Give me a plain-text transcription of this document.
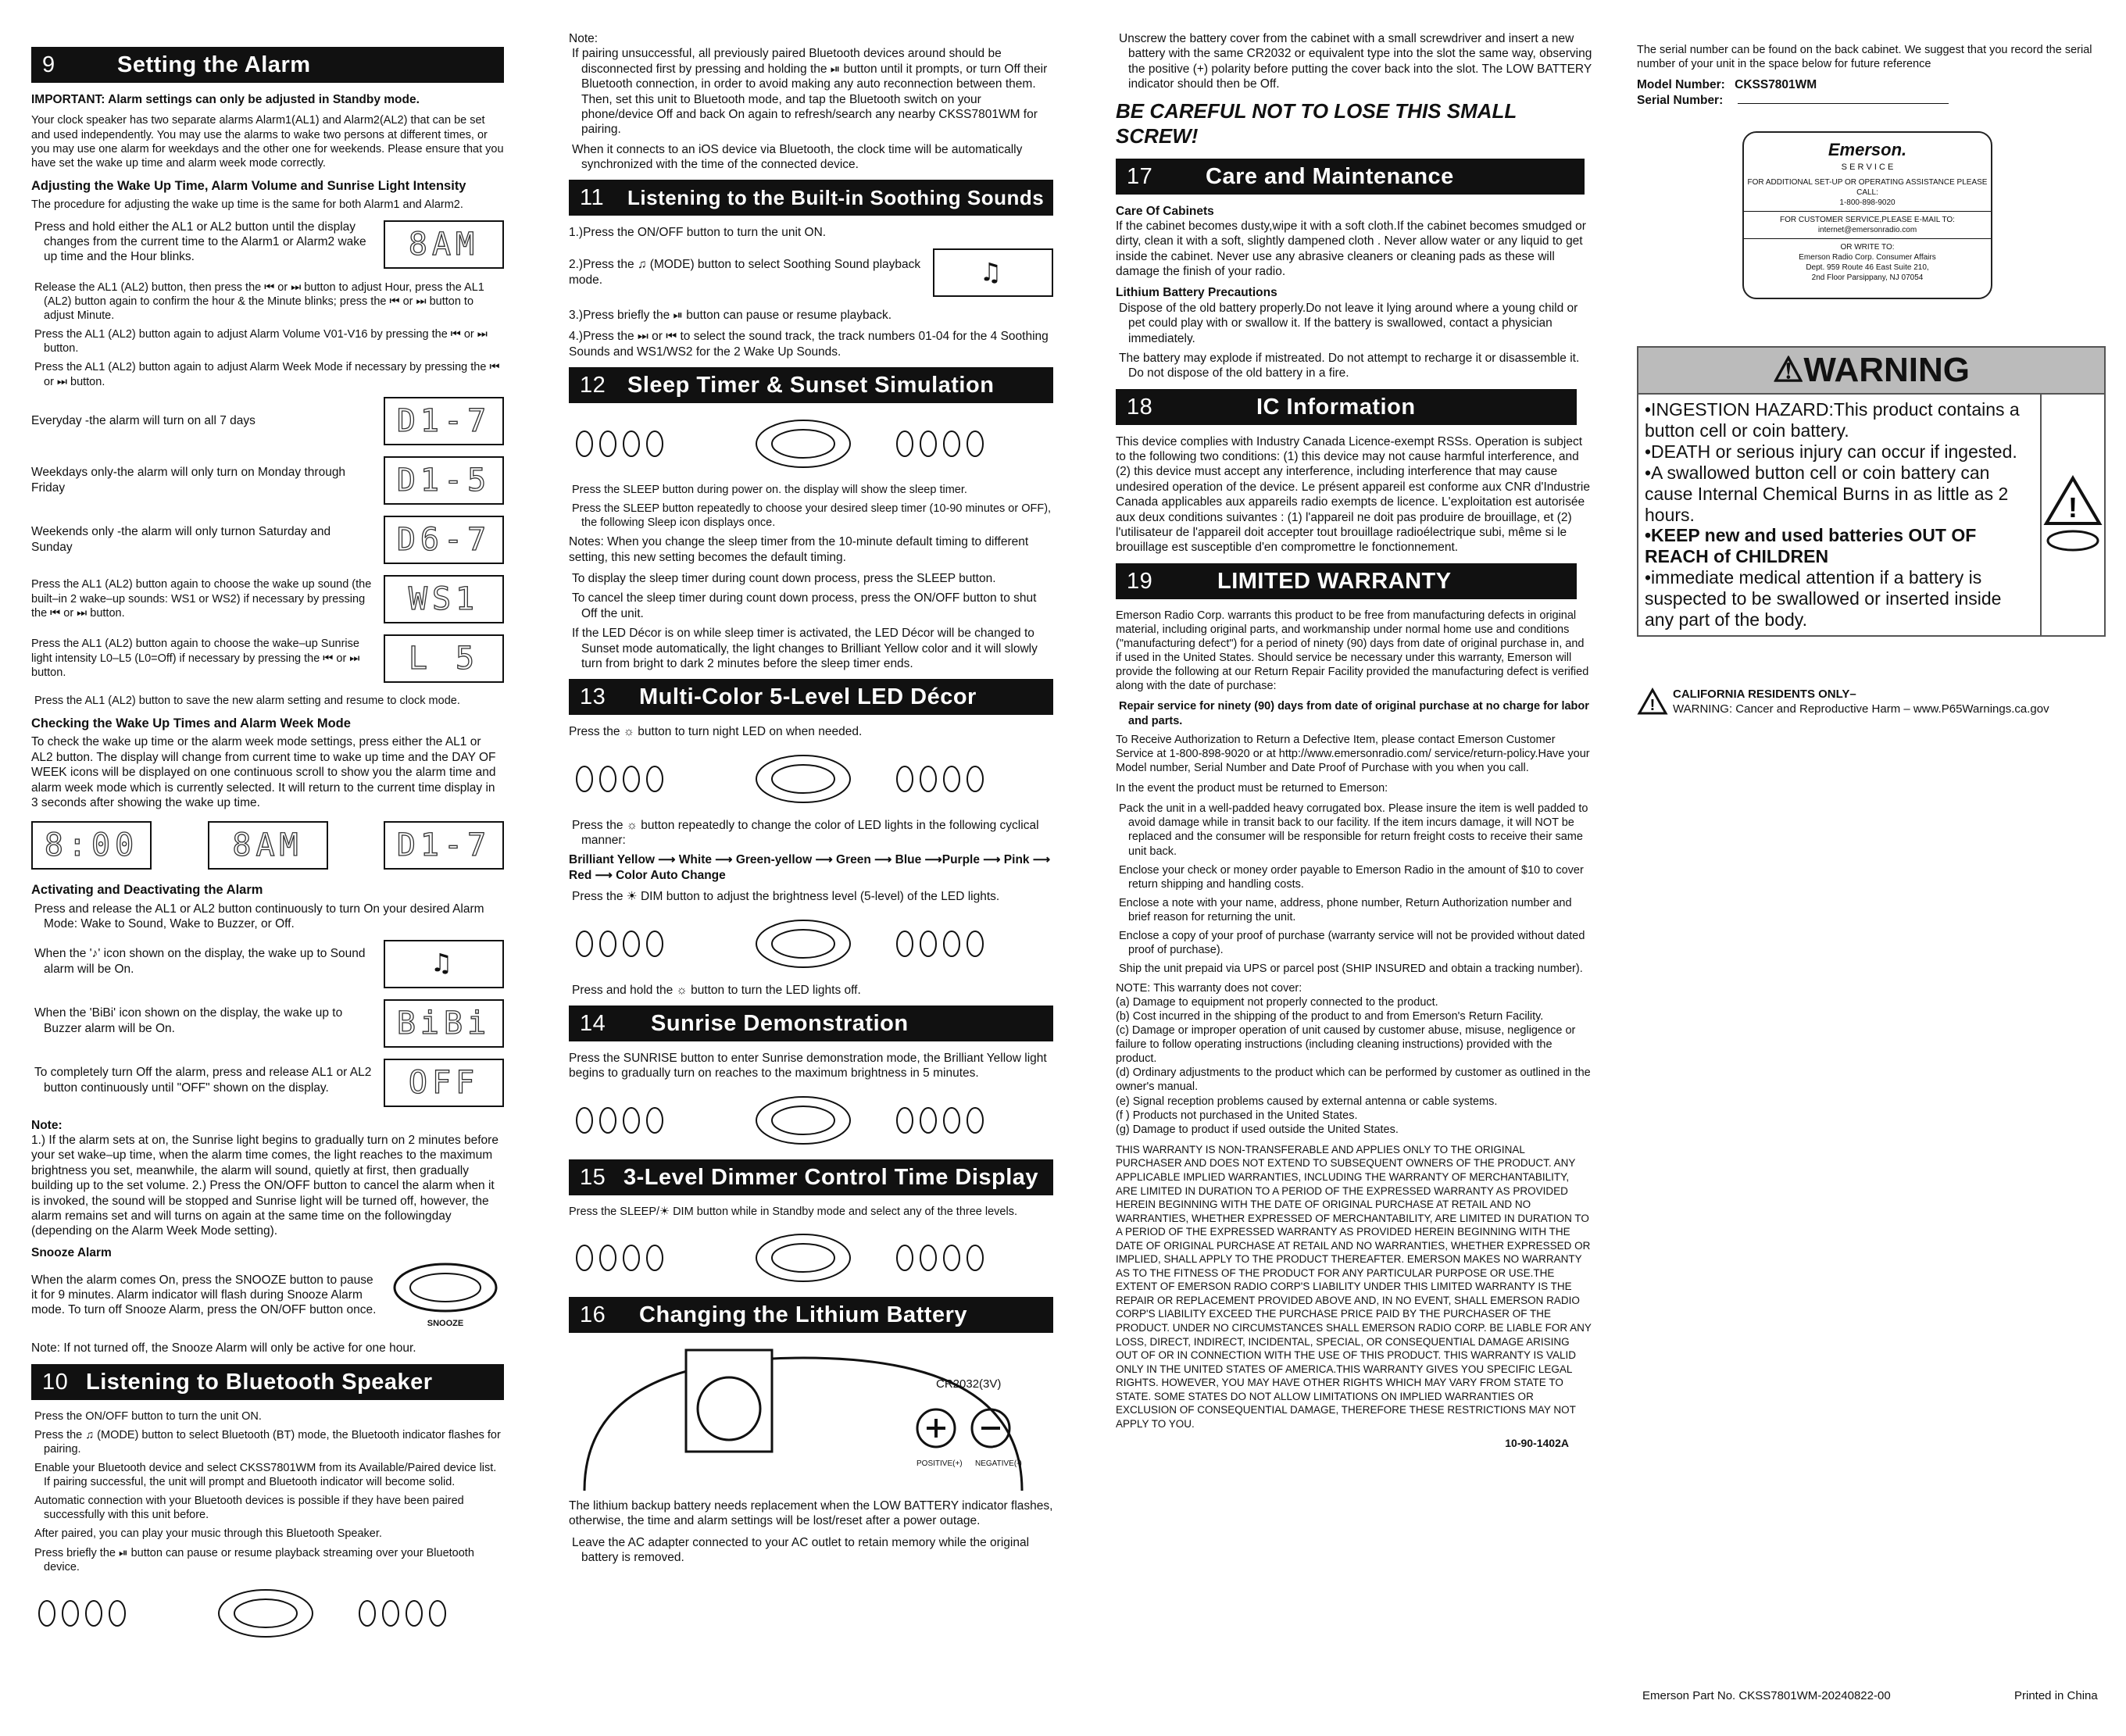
9	Setting the Alarm

IMPORTANT: Alarm settings can only be adjusted in Standby mode.

Your clock speaker has two separate alarms Alarm1(AL1) and Alarm2(AL2) that can be set and used independently. You may use the alarms to wake two persons at different times, or you may use one alarm for weekdays and the other one for weekends. Please ensure that you have set the wake up time and alarm week mode correctly.

Adjusting the Wake Up Time, Alarm Volume and Sunrise Light Intensity

The procedure for adjusting the wake up time is the same for both Alarm1 and Alarm2.

Press and hold either the AL1 or AL2 button until the display changes from the current time to the Alarm1 or Alarm2 wake up time and the Hour blinks.	8AM

Release the AL1 (AL2) button, then press the ⏮ or ⏭ button to adjust Hour, press the AL1 (AL2) button again to confirm the hour & the Minute blinks; press the ⏮ or ⏭ button to adjust Minute.

Press the AL1 (AL2) button again to adjust Alarm Volume V01-V16 by pressing the ⏮ or ⏭ button.

Press the AL1 (AL2) button again to adjust Alarm Week Mode if necessary by pressing the ⏮ or ⏭ button.

Everyday -the alarm will turn on all 7 days	D1-7
Weekdays only-the alarm will only turn on Monday through Friday	D1-5
Weekends only -the alarm will only turnon Saturday and Sunday	D6-7
Press the AL1 (AL2) button again to choose the wake up sound (the built–in 2 wake–up sounds: WS1 or WS2) if necessary by pressing the ⏮ or ⏭ button.	WS1
Press the AL1 (AL2) button again to choose the wake–up Sunrise light intensity L0–L5 (L0=Off) if necessary by pressing the ⏮ or ⏭ button.	L 5

Press the AL1 (AL2) button to save the new alarm setting and resume to clock mode.

Checking the Wake Up Times and Alarm Week Mode

To check the wake up time or the alarm week mode settings, press either the AL1 or AL2 button. The display will change from current time to wake up time and the DAY OF WEEK icons will be displayed on one continuous scroll to show you the alarm time and alarm week mode which is currently selected. It will return to the current time display in 3 seconds after showing the wake up time.

8:00	8AM	D1-7
Activating and Deactivating the Alarm

Press and release the AL1 or AL2 button continuously to turn On your desired Alarm Mode: Wake to Sound, Wake to Buzzer, or Off.

When the '♪' icon shown on the display, the wake up to Sound alarm will be On.	♫
When the 'BiBi' icon shown on the display, the wake up to Buzzer alarm will be On.	BiBi
To completely turn Off the alarm, press and release AL1 or AL2 button continuously until "OFF" shown on the display.	OFF
Note:

1.) If the alarm sets at on, the Sunrise light begins to gradually turn on 2 minutes before your set wake–up time, when the alarm time comes, the light reaches to the maximum brightness you set, meanwhile, the alarm will sound, quietly at first, then gradually building up to the set volume. 2.) Press the ON/OFF button to cancel the alarm when it is invoked, the sound will be stopped and Sunrise light will be turned off, however, the alarm remains set and will turns on again at the same time on the followingday (depending on the Alarm Week Mode setting).

Snooze Alarm
When the alarm comes On, press the SNOOZE button to pause it for 9 minutes. Alarm indicator will flash during Snooze Alarm mode. To turn off Snooze Alarm, press the ON/OFF button once.
SNOOZE

Note: If not turned off, the Snooze Alarm will only be active for one hour.

10 Listening to Bluetooth Speaker

Press the ON/OFF button to turn the unit ON.

Press the ♫ (MODE) button to select Bluetooth (BT) mode, the Bluetooth indicator flashes for pairing.

Enable your Bluetooth device and select CKSS7801WM from its Available/Paired device list. If pairing successful, the unit will prompt and Bluetooth indicator will become solid.

Automatic connection with your Bluetooth devices is possible if they have been paired successfully with this unit before.

After paired, you can play your music through this Bluetooth Speaker.

Press briefly the ⏯ button can pause or resume playback streaming over your Bluetooth device.

Note:

If pairing unsuccessful, all previously paired Bluetooth devices around should be disconnected first by pressing and holding the ⏯ button until it prompts, or turn Off their Bluetooth connection, in order to avoid making any auto reconnection between them. Then, set this unit to Bluetooth mode, and tap the Bluetooth switch on your phone/device Off and back On again to refresh/search any nearby CKSS7801WM for pairing.

When it connects to an iOS device via Bluetooth, the clock time will be automatically synchronized with the time of the connected device.

11 Listening to the Built-in Soothing Sounds

1.)Press the ON/OFF button to turn the unit ON.

2.)Press the ♫ (MODE) button to select Soothing Sound playback mode.	♫

3.)Press briefly the ⏯ button can pause or resume playback.

4.)Press the ⏭ or ⏮ to select the sound track, the track numbers 01-04 for the 4 Soothing Sounds and WS1/WS2 for the 2 Wake Up Sounds.

12 Sleep Timer & Sunset Simulation

Press the SLEEP button during power on. the display will show the sleep timer.

Press the SLEEP button repeatedly to choose your desired sleep timer (10-90 minutes or OFF), the following Sleep icon displays once.

Notes: When you change the sleep timer from the 10-minute default timing to different setting, this new setting becomes the default timing.

To display the sleep timer during count down process, press the SLEEP button.

To cancel the sleep timer during count down process, press the ON/OFF button to shut Off the unit.

If the LED Décor is on while sleep timer is activated, the LED Décor will be changed to Sunset mode automatically, the light changes to Brilliant Yellow color and it will slowly turn from bright to dark 2 minutes before the sleep timer ends.

13 Multi-Color 5-Level LED Décor

Press the ☼ button to turn night LED on when needed.

Press the ☼ button repeatedly to change the color of LED lights in the following cyclical manner:

Brilliant Yellow ⟶ White ⟶ Green-yellow ⟶ Green ⟶ Blue ⟶Purple ⟶ Pink ⟶ Red ⟶ Color Auto Change

Press the ☀ DIM button to adjust the brightness level (5-level) of the LED lights.

Press and hold the ☼ button to turn the LED lights off.

14 Sunrise Demonstration

Press the SUNRISE button to enter Sunrise demonstration mode, the Brilliant Yellow light begins to gradually turn on reaches to the maximum brightness in 5 minutes.

15 3-Level Dimmer Control Time Display

Press the SLEEP/☀ DIM button while in Standby mode and select any of the three levels.

16 Changing the Lithium Battery
CR2032(3V)
POSITIVE(+) NEGATIVE(-)

The lithium backup battery needs replacement when the LOW BATTERY indicator flashes, otherwise, the time and alarm settings will be lost/reset after a power outage.

Leave the AC adapter connected to your AC outlet to retain memory while the original battery is removed.

Unscrew the battery cover from the cabinet with a small screwdriver and insert a new battery with the same CR2032 or equivalent type into the slot the same way, observing the positive (+) polarity before putting the cover back into the slot. The LOW BATTERY indicator should then be Off.

BE CAREFUL NOT TO LOSE THIS SMALL SCREW!
17 Care and Maintenance
Care Of Cabinets

If the cabinet becomes dusty,wipe it with a soft cloth.If the cabinet becomes smudged or dirty, clean it with a soft, slightly dampened cloth . Never allow water or any liquid to get inside the cabinet. Never use any abrasive cleaners or cleaning pads as these will damage the finish of your radio.

Lithium Battery Precautions

Dispose of the old battery properly.Do not leave it lying around where a young child or pet could play with or swallow it. If the battery is swallowed, contact a physician immediately.

The battery may explode if mistreated. Do not attempt to recharge it or disassemble it. Do not dispose of the old battery in a fire.

18	IC Information

This device complies with Industry Canada Licence-exempt RSSs. Operation is subject to the following two conditions: (1) this device may not cause harmful interference, and (2) this device must accept any interference, including interference that may cause undesired operation of the device. Le présent appareil est conforme aux CNR d'Industrie Canada applicables aux appareils radio exempts de licence. L'exploitation est autorisée aux deux conditions suivantes : (1) l'appareil ne doit pas produire de brouillage, et (2) l'utilisateur de l'appareil doit accepter tout brouillage radioélectrique subi, même si le brouillage est susceptible d'en compromettre le fonctionnement.

19	LIMITED WARRANTY

Emerson Radio Corp. warrants this product to be free from manufacturing defects in original material, including original parts, and workmanship under normal home use and conditions ("manufacturing defect") for a period of ninety (90) days from date of original purchase in, and if used in the United States. Should service be necessary under this warranty, Emerson will provide the following at our Return Repair Facility provided the manufacturing defect is verified along with the date of purchase:

Repair service for ninety (90) days from date of original purchase at no charge for labor and parts.

To Receive Authorization to Return a Defective Item, please contact Emerson Customer Service at 1-800-898-9020 or at http://www.emersonradio.com/ service/return-policy.Have your Model number, Serial Number and Date Proof of Purchase with you when you call.

In the event the product must be returned to Emerson:

Pack the unit in a well-padded heavy corrugated box. Please insure the item is well padded to avoid damage while in transit back to our facility. If the item incurs damage, it will NOT be replaced and the consumer will be responsible for return freight costs to receive their same unit back.

Enclose your check or money order payable to Emerson Radio in the amount of $10 to cover return shipping and handling costs.

Enclose a note with your name, address, phone number, Return Authorization number and brief reason for returning the unit.

Enclose a copy of your proof of purchase (warranty service will not be provided without dated proof of purchase).

Ship the unit prepaid via UPS or parcel post (SHIP INSURED and obtain a tracking number).

NOTE: This warranty does not cover:
(a) Damage to equipment not properly connected to the product.
(b) Cost incurred in the shipping of the product to and from Emerson's Return Facility.
(c) Damage or improper operation of unit caused by customer abuse, misuse, negligence or failure to follow operating instructions (including cleaning instructions) provided with the product.
(d) Ordinary adjustments to the product which can be performed by customer as outlined in the owner's manual.
(e) Signal reception problems caused by external antenna or cable systems.
(f ) Products not purchased in the United States.
(g) Damage to product if used outside the United States.

THIS WARRANTY IS NON-TRANSFERABLE AND APPLIES ONLY TO THE ORIGINAL PURCHASER AND DOES NOT EXTEND TO SUBSEQUENT OWNERS OF THE PRODUCT. ANY APPLICABLE IMPLIED WARRANTIES, INCLUDING THE WARRANTY OF MERCHANTABILITY, ARE LIMITED IN DURATION TO A PERIOD OF THE EXPRESSED WARRANTY AS PROVIDED HEREIN BEGINNING WITH THE DATE OF ORIGINAL PURCHASE AT RETAIL AND NO WARRANTIES, WHETHER EXPRESSED OF MERCHANTABILITY, ARE LIMITED IN DURATION TO A PERIOD OF THE EXPRESSED WARRANTY AS PROVIDED HEREIN BEGINNING WITH THE DATE OF ORIGINAL PURCHASE AT RETAIL AND NO WARRANTIES, WHETHER EXPRESSED OR IMPLIED, SHALL APPLY TO THE PRODUCT THEREAFTER. EMERSON MAKES NO WARRANTY AS TO THE FITNESS OF THE PRODUCT FOR ANY PARTICULAR PURPOSE OR USE.THE EXTENT OF EMERSON RADIO CORP'S LIABILITY UNDER THIS LIMITED WARRANTY IS THE REPAIR OR REPLACEMENT PROVIDED ABOVE AND, IN NO EVENT, SHALL EMERSON RADIO CORP'S LIABILITY EXCEED THE PURCHASE PRICE PAID BY THE PURCHASER OF THE PRODUCT. UNDER NO CIRCUMSTANCES SHALL EMERSON RADIO CORP. BE LIABLE FOR ANY LOSS, DIRECT, INDIRECT, INCIDENTAL, SPECIAL, OR CONSEQUENTIAL DAMAGE ARISING OUT OF OR IN CONNECTION WITH THE USE OF THIS PRODUCT. THIS WARRANTY IS VALID ONLY IN THE UNITED STATES OF AMERICA.THIS WARRANTY GIVES YOU SPECIFIC LEGAL RIGHTS. HOWEVER, YOU MAY HAVE OTHER RIGHTS WHICH MAY VARY FROM STATE TO STATE. SOME STATES DO NOT ALLOW LIMITATIONS ON IMPLIED WARRANTIES OR EXCLUSION OF CONSEQUENTIAL DAMAGE, THEREFORE THESE RESTRICTIONS MAY NOT APPLY TO YOU.

10-90-1402A

The serial number can be found on the back cabinet. We suggest that you record the serial number of your unit in the space below for future reference

Model Number: CKSS7801WM
Serial Number:
Emerson.
S E R V I C E
FOR ADDITIONAL SET-UP OR OPERATING ASSISTANCE PLEASE CALL:
1-800-898-9020
FOR CUSTOMER SERVICE,PLEASE E-MAIL TO:
internet@emersonradio.com
OR WRITE TO:
Emerson Radio Corp. Consumer Affairs Dept. 959 Route 46 East Suite 210, 2nd Floor Parsippany, NJ 07054
⚠WARNING
•INGESTION HAZARD:This product contains a button cell or coin battery.
•DEATH or serious injury can occur if ingested.
•A swallowed button cell or coin battery can cause Internal Chemical Burns in as little as 2 hours.
•KEEP new and used batteries OUT OF REACH of CHILDREN
•immediate medical attention if a battery is suspected to be swallowed or inserted inside any part of the body.
!
!
CALIFORNIA RESIDENTS ONLY–
WARNING: Cancer and Reproductive Harm – www.P65Warnings.ca.gov
Emerson Part No. CKSS7801WM-20240822-00	Printed in China
